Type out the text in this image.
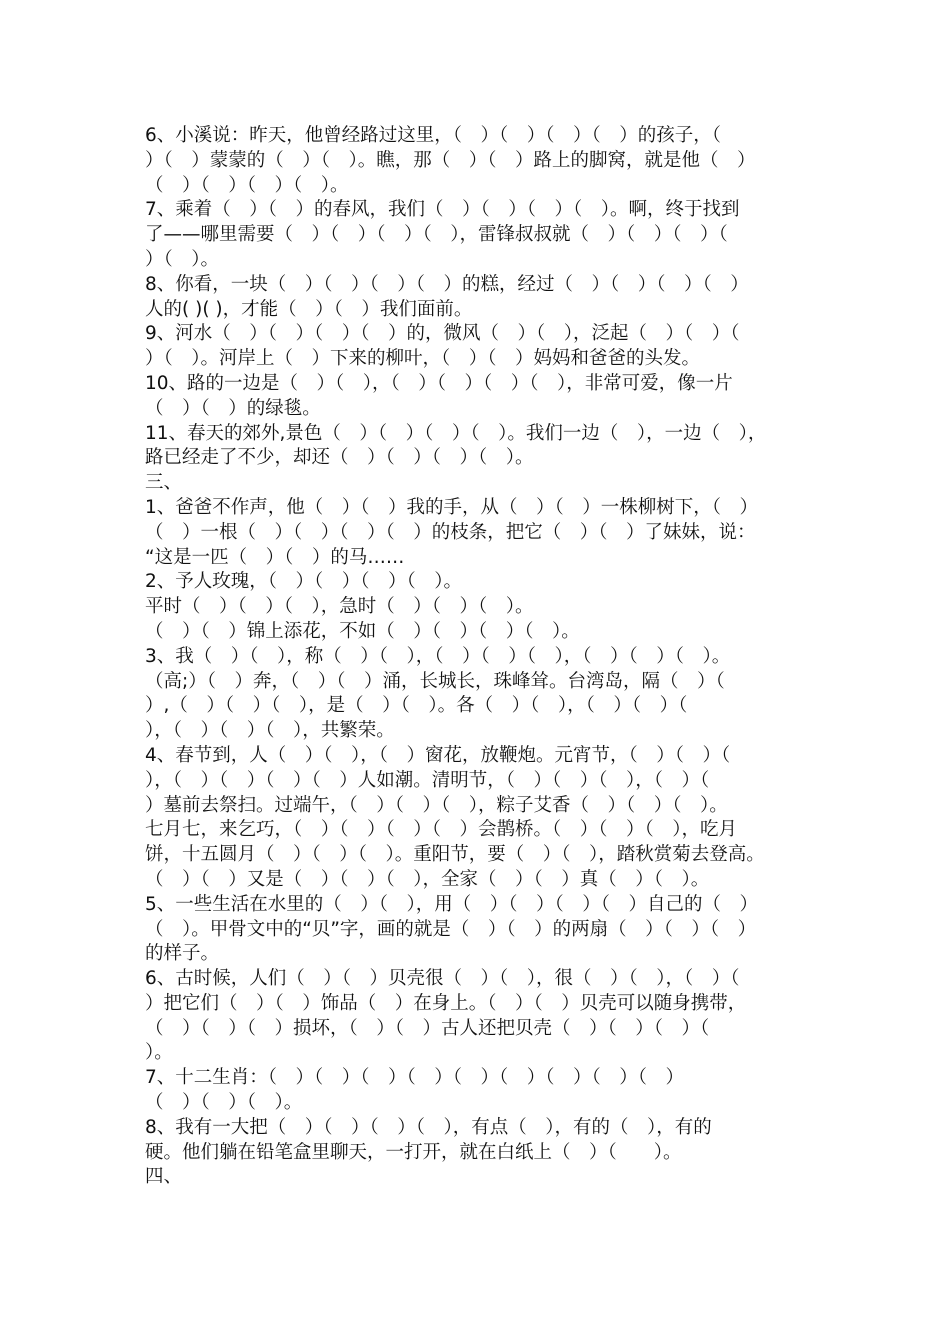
6、小溪说：昨天，他曾经路过这里，（　）（　）（　）（　）的孩子，（
）（　）蒙蒙的（　）（　）。瞧，那（　）（　）路上的脚窝，就是他（　）
（　）（　）（　）（　）。
7、乘着（　）（　）的春风，我们（　）（　）（　）（　）。啊，终于找到
了——哪里需要（　）（　）（　）（　），雷锋叔叔就（　）（　）（　）（
）（　）。
8、你看，一块（　）（　）（　）（　）的糕，经过（　）（　）（　）（　）
人的( )( )，才能（　）（　）我们面前。
9、河水（　）（　）（　）（　）的，微风（　）（　），泛起（　）（　）（
）（　）。河岸上（　）下来的柳叶，（　）（　）妈妈和爸爸的头发。
10、路的一边是（　）（　），（　）（　）（　）（　），非常可爱，像一片
（　）（　）的绿毯。
11、春天的郊外,景色（　）（　）（　）（　）。我们一边（　），一边（　），
路已经走了不少，却还（　）（　）（　）（　）。
三、
1、爸爸不作声，他（　）（　）我的手，从（　）（　）一株柳树下，（　）
（　）一根（　）（　）（　）（　）的枝条，把它（　）（　）了妹妹，说：
“这是一匹（　）（　）的马……
2、予人玫瑰，（　）（　）（　）（　）。
平时（　）（　）（　），急时（　）（　）（　）。
（　）（　）锦上添花，不如（　）（　）（　）（　）。
3、我（　）（　），称（　）（　），（　）（　）（　），（　）（　）（　）。
（高;）（　）奔，（　）（　）涌，长城长，珠峰耸。台湾岛，隔（　）（
）,（　）（　）（　），是（　）（　）。各（　）（　），（　）（　）（
），（　）（　）（　），共繁荣。
4、春节到，人（　）（　），（　）窗花，放鞭炮。元宵节，（　）（　）（
），（　）（　）（　）（　）人如潮。清明节，（　）（　）（　），（　）（
）墓前去祭扫。过端午，（　）（　）（　），粽子艾香（　）（　）（　）。
七月七，来乞巧，（　）（　）（　）（　）会鹊桥。（　）（　）（　），吃月
饼，十五圆月（　）（　）（　）。重阳节，要（　）（　），踏秋赏菊去登高。
（　）（　）又是（　）（　）（　），全家（　）（　）真（　）（　）。
5、一些生活在水里的（　）（　），用（　）（　）（　）（　）自己的（　）
（　）。甲骨文中的“贝”字，画的就是（　）（　）的两扇（　）（　）（　）
的样子。
6、古时候，人们（　）（　）贝壳很（　）（　），很（　）（　），（　）（
）把它们（　）（　）饰品（　）在身上。（　）（　）贝壳可以随身携带，
（　）（　）（　）损坏，（　）（　）古人还把贝壳（　）（　）（　）（
）。
7、十二生肖：（　）（　）（　）（　）（　）（　）（　）（　）（　）
（　）（　）（　）。
8、我有一大把（　）（　）（　）（　），有点（　），有的（　），有的
硬。他们躺在铅笔盒里聊天，一打开，就在白纸上（　）（　　）。
四、
